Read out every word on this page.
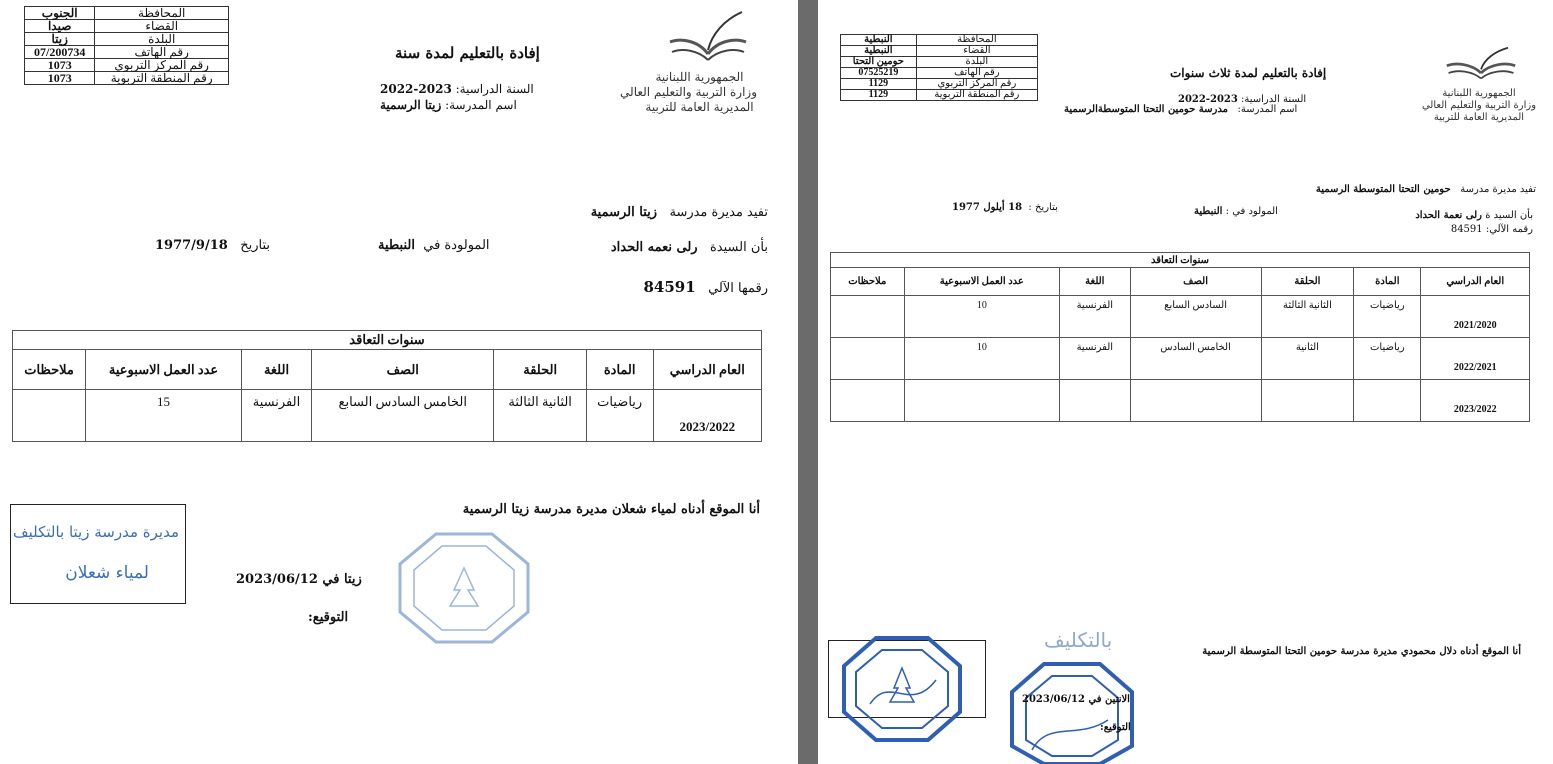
المحافظة	الجنوب
القضاء	صيدا
البلدة	زيتا
رقم الهاتف	07/200734
رقم المركز التربوي	1073
رقم المنطقة التربوية	1073
إفادة بالتعليم لمدة سنة
السنة الدراسية: 2023-2022
اسم المدرسة: زيتا الرسمية
الجمهورية اللبنانية
وزارة التربية والتعليم العالي
المديرية العامة للتربية
تفيد مديرة مدرسة   زيتا الرسمية
بأن السيدة   رلى نعمه الحداد
المولودة في  النبطية
بتاريخ   1977/9/18
رقمها الآلي   84591
سنوات التعاقد						
العام الدراسي	المادة	الحلقة	الصف	اللغة	عدد العمل الاسبوعية	ملاحظات
2023/2022	رياضيات	الثانية الثالثة	الخامس السادس السابع	الفرنسية	15	
أنا الموقع أدناه لمياء شعلان مديرة مدرسة زيتا الرسمية
زيتا في 2023/06/12
التوقيع:
مديرة مدرسة زيتا بالتكليف
لمياء شعلان
المحافظة	النبطية
القضاء	النبطية
البلدة	حومين التحتا
رقم الهاتف	07525219
رقم المركز التربوي	1129
رقم المنطقة التربوية	1129
إفادة بالتعليم لمدة ثلاث سنوات
السنة الدراسية: 2023-2022
اسم المدرسة:   مدرسة حومين التحتا المتوسطةالرسمية
الجمهورية اللبنانية
وزارة التربية والتعليم العالي
المديرية العامة للتربية
تفيد مديرة مدرسة   حومين التحتا المتوسطة الرسمية
بأن السيد ة رلى نعمة الحداد
المولود في : النبطية
بتاريخ :  18 أيلول 1977
رقمه الآلي: 84591
سنوات التعاقد						
العام الدراسي	المادة	الحلقة	الصف	اللغة	عدد العمل الاسبوعية	ملاحظات
2021/2020	رياضيات	الثانية الثالثة	السادس السابع	الفرنسية	10	
2022/2021	رياضيات	الثانية	الخامس السادس	الفرنسية	10	
2023/2022						
أنا الموقع أدناه دلال محمودي مديرة مدرسة حومين التحتا المتوسطة الرسمية
بالتكليف
الانتين في 2023/06/12
التوقيع:
